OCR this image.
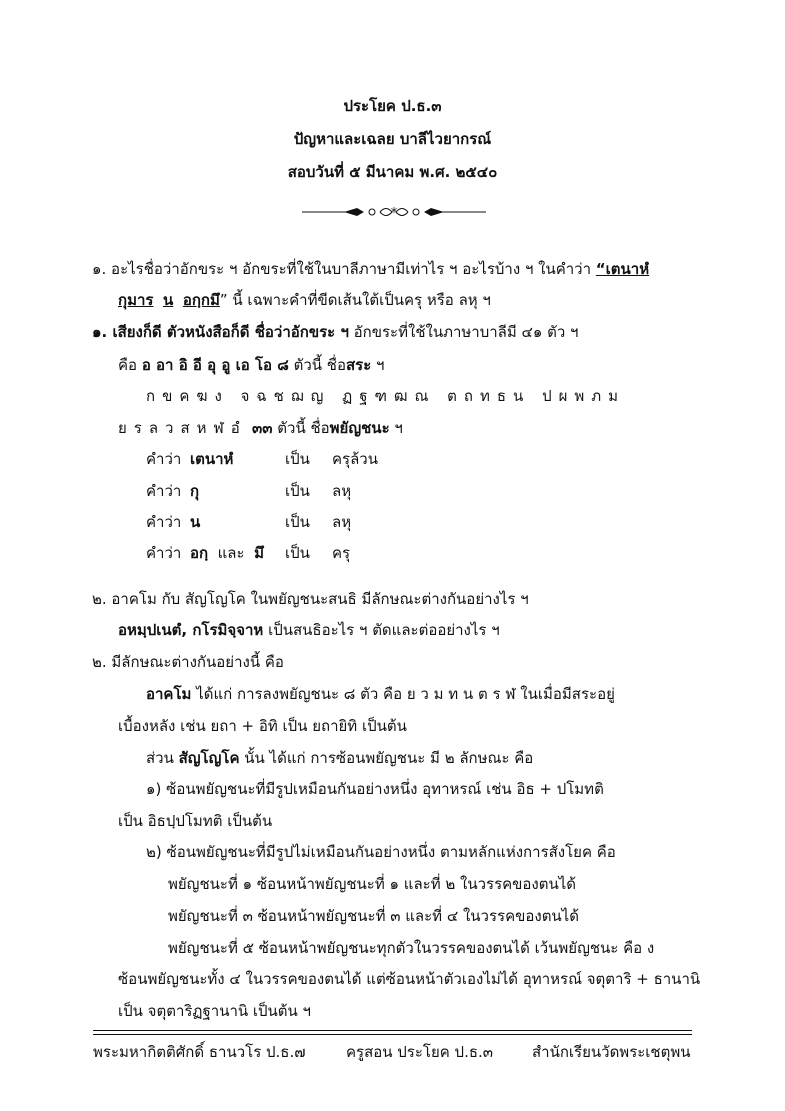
ประโยค ป.ธ.๓
ปัญหาและเฉลย บาลีไวยากรณ์
สอบวันที่ ๕ มีนาคม พ.ศ. ๒๕๔๐
*
๑. อะไรชื่อว่าอักขระ ฯ อักขระที่ใช้ในบาลีภาษามีเท่าไร ฯ อะไรบ้าง ฯ ในคำว่า “เตนาหํ
กุมาร น อกฺกมึ” นี้ เฉพาะคำที่ขีดเส้นใต้เป็นครุ หรือ ลหุ ฯ
๑. เสียงก็ดี ตัวหนังสือก็ดี ชื่อว่าอักขระ ฯ อักขระที่ใช้ในภาษาบาลีมี ๔๑ ตัว ฯ
คือ อ อา อิ อี อุ อู เอ โอ ๘ ตัวนี้ ชื่อสระ ฯ
กขคฆง จฉชฌญ ฏฐฑฒณ ตถทธน ปผพภม
ยรลวสหฬอํ ๓๓ ตัวนี้ ชื่อพยัญชนะ ฯ
คำว่า เตนาหํ	เป็น ครุล้วน
คำว่า กุ	เป็น ลหุ
คำว่า น	เป็น ลหุ
คำว่า อกฺ และ มึ เป็น ครุ
๒. อาคโม กับ สัญโญโค ในพยัญชนะสนธิ มีลักษณะต่างกันอย่างไร ฯ
อหมฺปเนตํ, กโรมิจฺจาห เป็นสนธิอะไร ฯ ตัดและต่ออย่างไร ฯ
๒. มีลักษณะต่างกันอย่างนี้ คือ
อาคโม ได้แก่ การลงพยัญชนะ ๘ ตัว คือ ย ว ม ท น ต ร ฬ ในเมื่อมีสระอยู่
เบื้องหลัง เช่น ยถา + อิทิ เป็น ยถายิทิ เป็นต้น
ส่วน สัญโญโค นั้น ได้แก่ การซ้อนพยัญชนะ มี ๒ ลักษณะ คือ
๑) ซ้อนพยัญชนะที่มีรูปเหมือนกันอย่างหนึ่ง อุทาหรณ์ เช่น อิธ + ปโมทติ
เป็น อิธปฺปโมทติ เป็นต้น
๒) ซ้อนพยัญชนะที่มีรูปไม่เหมือนกันอย่างหนึ่ง ตามหลักแห่งการสังโยค คือ
พยัญชนะที่ ๑ ซ้อนหน้าพยัญชนะที่ ๑ และที่ ๒ ในวรรคของตนได้
พยัญชนะที่ ๓ ซ้อนหน้าพยัญชนะที่ ๓ และที่ ๔ ในวรรคของตนได้
พยัญชนะที่ ๕ ซ้อนหน้าพยัญชนะทุกตัวในวรรคของตนได้ เว้นพยัญชนะ คือ ง
ซ้อนพยัญชนะทั้ง ๔ ในวรรคของตนได้ แต่ซ้อนหน้าตัวเองไม่ได้ อุทาหรณ์ จตุตาริ + ธานานิ
เป็น จตุตาริฏฐานานิ เป็นต้น ฯ
พระมหากิตติศักดิ์ ธานวโร ป.ธ.๗	ครูสอน ประโยค ป.ธ.๓	สำนักเรียนวัดพระเชตุพน
